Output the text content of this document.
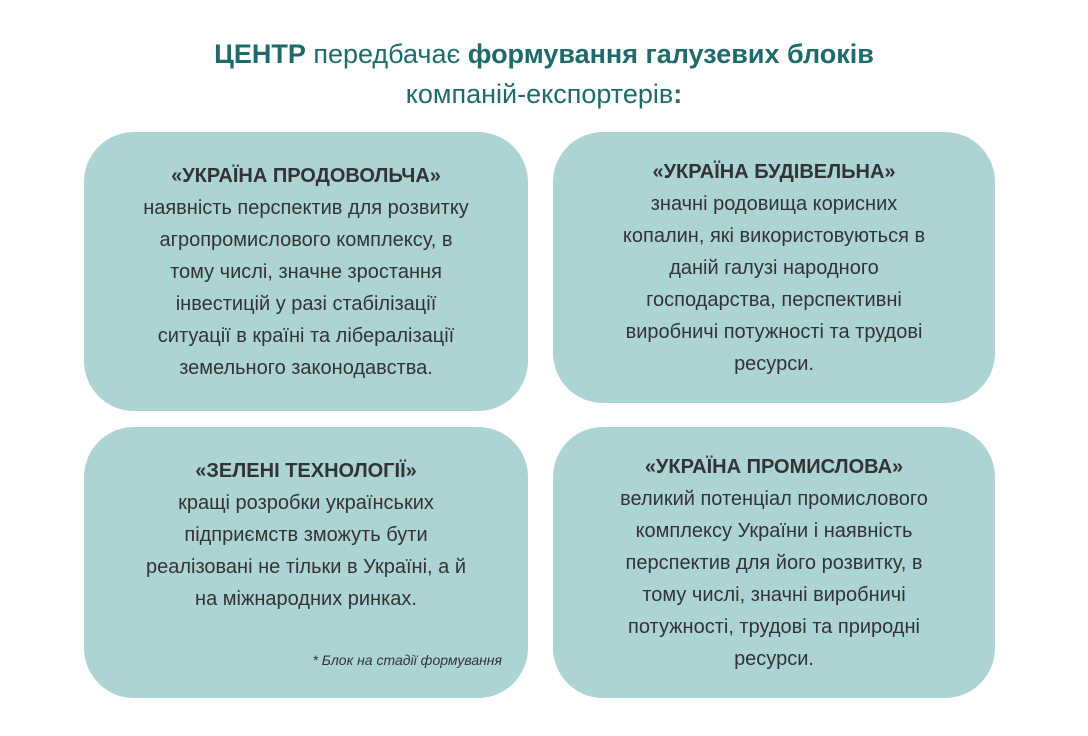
ЦЕНТР передбачає формування галузевих блоків
компаній-експортерів:
«УКРАЇНА ПРОДОВОЛЬЧА»
наявність перспектив для розвитку
агропромислового комплексу, в
тому числі, значне зростання
інвестицій у разі стабілізації
ситуації в країні та лібералізації
земельного законодавства.
«УКРАЇНА БУДІВЕЛЬНА»
значні родовища корисних
копалин, які використовуються в
даній галузі народного
господарства, перспективні
виробничі потужності та трудові
ресурси.
«ЗЕЛЕНІ ТЕХНОЛОГІЇ»
кращі розробки українських
підприємств зможуть бути
реалізовані не тільки в Україні, а й
на міжнародних ринках.
* Блок на стадії формування
«УКРАЇНА ПРОМИСЛОВА»
великий потенціал промислового
комплексу України і наявність
перспектив для його розвитку, в
тому числі, значні виробничі
потужності, трудові та природні
ресурси.
